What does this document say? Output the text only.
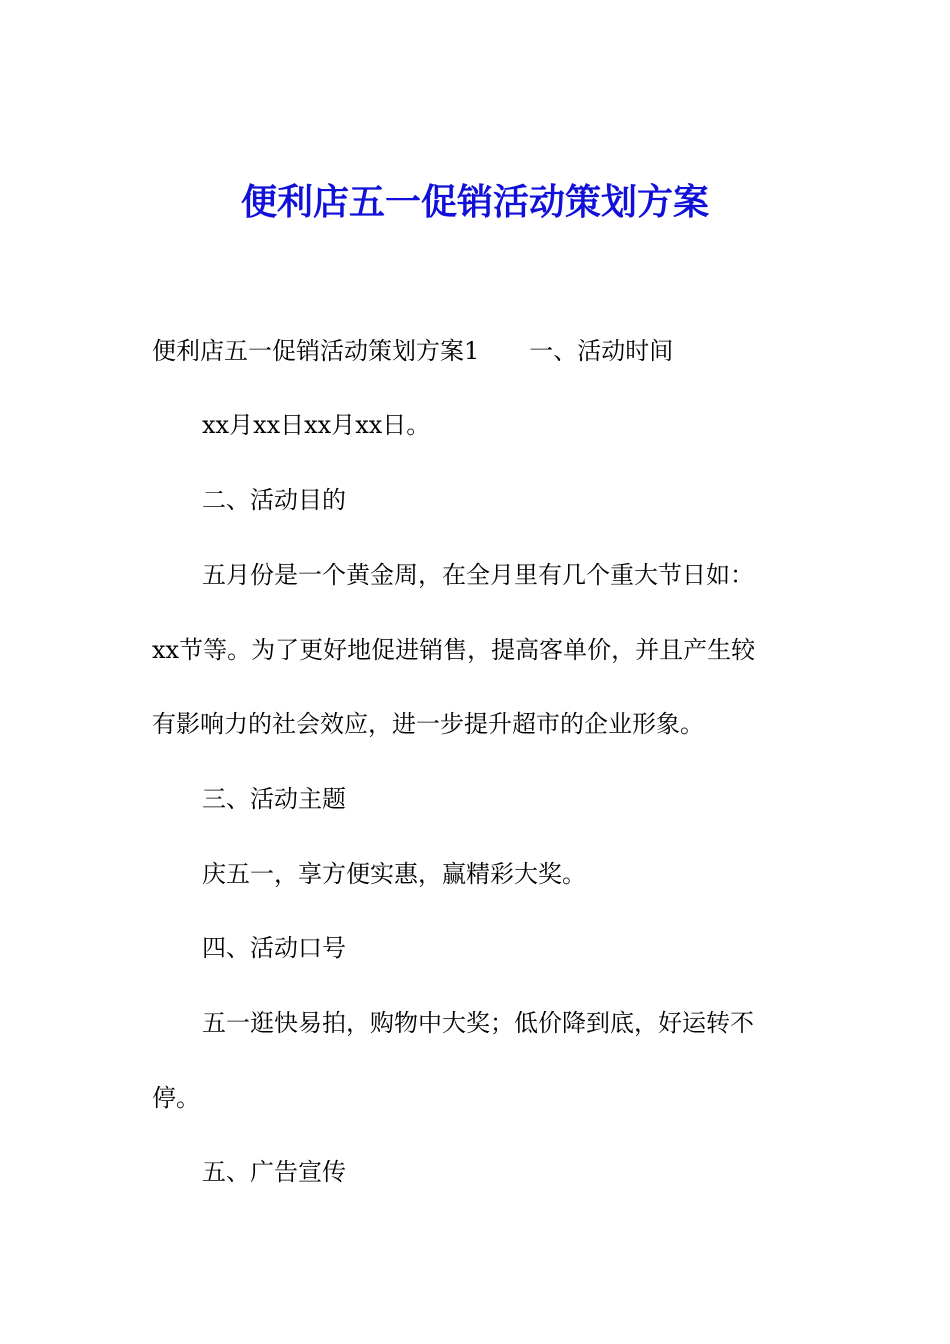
便利店五一促销活动策划方案
便利店五一促销活动策划方案1 一、活动时间
xx月xx日xx月xx日。
二、活动目的
五月份是一个黄金周，在全月里有几个重大节日如：
xx节等。为了更好地促进销售，提高客单价，并且产生较
有影响力的社会效应，进一步提升超市的企业形象。
三、活动主题
庆五一，享方便实惠，赢精彩大奖。
四、活动口号
五一逛快易拍，购物中大奖；低价降到底，好运转不
停。
五、广告宣传
